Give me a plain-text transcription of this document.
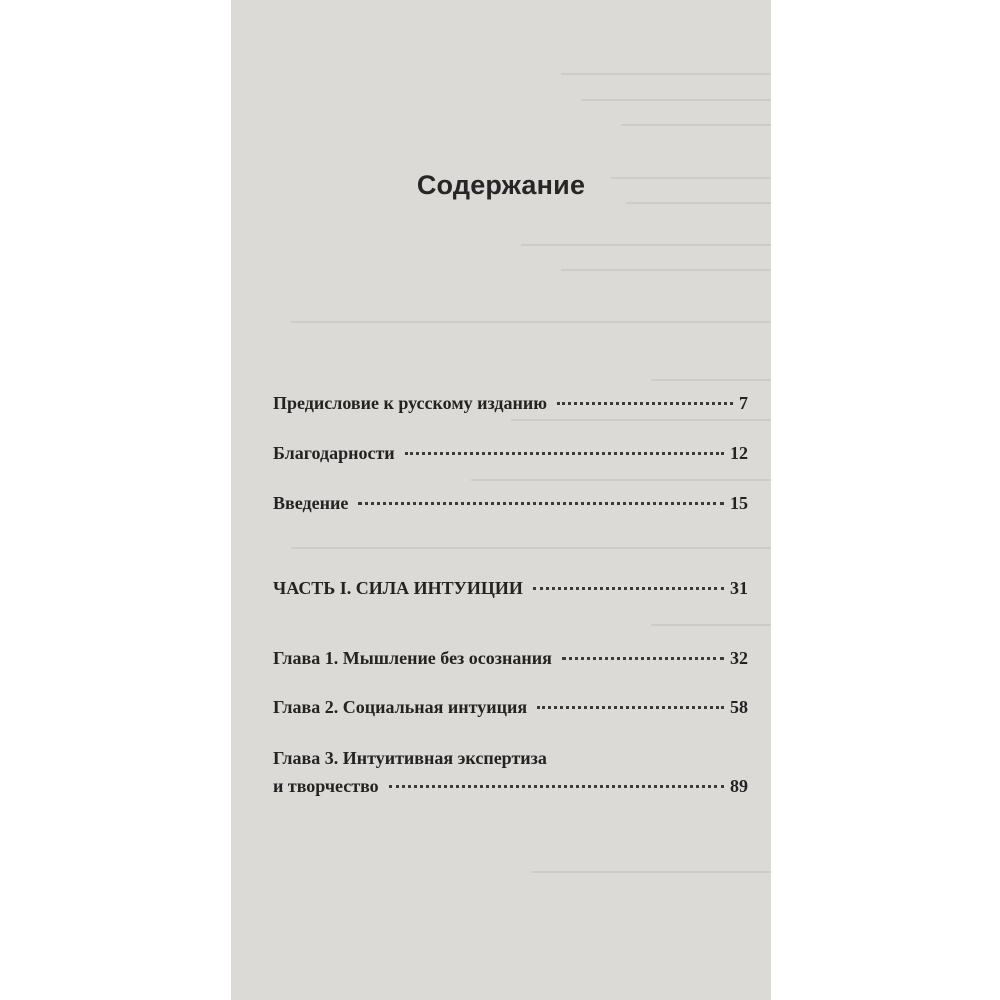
Содержание
Предисловие к русскому изданию	7
Благодарности	12
Введение	15
ЧАСТЬ I. СИЛА ИНТУИЦИИ	31
Глава 1. Мышление без осознания	32
Глава 2. Социальная интуиция	58
Глава 3. Интуитивная экспертиза
и творчество	89
